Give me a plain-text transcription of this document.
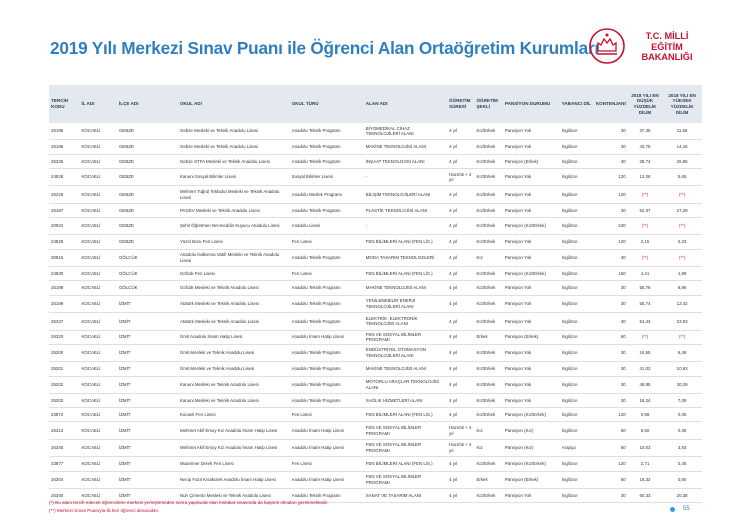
2019 Yılı Merkezi Sınav Puanı ile Öğrenci Alan Ortaöğretim Kurumları
T.C. MİLLİ EĞİTİM
BAKANLIĞI
TERCİH KODU	İL ADI	İLÇE ADI	OKUL ADI	OKUL TÜRÜ	ALAN ADI	ÖĞRETİM SÜRESİ	ÖĞRETİM ŞEKLİ	PANSİYON DURUMU	YABANCI DİL	KONTENJANI	2018 YILI EN DÜŞÜK YÜZDELİK DİLİM	2018 YILI EN YÜKSEK YÜZDELİK DİLİM
25195	KOCAELİ	GEBZE	Gebze Mesleki ve Teknik Anadolu Lisesi	Anadolu Teknik Programı	BİYOMEDİKAL CİHAZ TEKNOLOJİLERİ ALANI	4 yıl	Kız/Erkek	Pansiyon Yok	İngilizce	30	37,35	11,55
25196	KOCAELİ	GEBZE	Gebze Mesleki ve Teknik Anadolu Lisesi	Anadolu Teknik Programı	MAKİNE TEKNOLOJİSİ ALANI	4 yıl	Kız/Erkek	Pansiyon Yok	İngilizce	30	43,78	14,16
25335	KOCAELİ	GEBZE	Gebze STFA Mesleki ve Teknik Anadolu Lisesi	Anadolu Teknik Programı	İNŞAAT TEKNOLOJİSİ ALANI	4 yıl	Kız/Erkek	Pansiyon (Erkek)	İngilizce	30	39,74	25,95
24828	KOCAELİ	GEBZE	Kanuni Sosyal Bilimler Lisesi	Sosyal Bilimler Lisesi	-	Hazırlık + 4 yıl	Kız/Erkek	Pansiyon Yok	İngilizce	120	12,06	5,65
25226	KOCAELİ	GEBZE	Mehmet Tuğrul Tekbulut Mesleki ve Teknik Anadolu Lisesi	Anadolu Meslek Programı	BİLİŞİM TEKNOLOJİLERİ ALANI	4 yıl	Kız/Erkek	Pansiyon Yok	İngilizce	120	(**)	(**)
25197	KOCAELİ	GEBZE	PAGEV Mesleki ve Teknik Anadolu Lisesi	Anadolu Teknik Programı	PLASTİK TEKNOLOJİSİ ALANI	4 yıl	Kız/Erkek	Pansiyon Yok	İngilizce	30	52,37	27,29
20922	KOCAELİ	GEBZE	Şehit Öğretmen Necmeddin Kuyucu Anadolu Lisesi	Anadolu Lisesi	-	4 yıl	Kız/Erkek	Pansiyon (Kız/Erkek)	İngilizce	240	(**)	(**)
24829	KOCAELİ	GEBZE	Yüzel Boru Fen Lisesi	Fen Lisesi	FEN BİLİMLERİ ALANI (FEN LİS.)	4 yıl	Kız/Erkek	Pansiyon Yok	İngilizce	120	2,15	0,33
30815	KOCAELİ	GÖLCÜK	Anadolu Kalkınma Vakfı Mesleki ve Teknik Anadolu Lisesi	Anadolu Teknik Programı	MODA TASARIM TEKNOLOJİLERİ	4 yıl	Kız	Pansiyon Yok	İngilizce	30	(**)	(**)
24830	KOCAELİ	GÖLCÜK	Gölcük Fen Lisesi	Fen Lisesi	FEN BİLİMLERİ ALANI (FEN LİS.)	4 yıl	Kız/Erkek	Pansiyon (Kız/Erkek)	İngilizce	150	4,41	1,89
25198	KOCAELİ	GÖLCÜK	Gölcük Mesleki ve Teknik Anadolu Lisesi	Anadolu Teknik Programı	MAKİNE TEKNOLOJİSİ ALANI	4 yıl	Kız/Erkek	Pansiyon Yok	İngilizce	30	55,78	8,86
25199	KOCAELİ	İZMİT	Atatürk Mesleki ve Teknik Anadolu Lisesi	Anadolu Teknik Programı	YENİLENEBİLİR ENERJİ TEKNOLOJİLERİ ALANI	4 yıl	Kız/Erkek	Pansiyon Yok	İngilizce	30	55,74	12,42
25337	KOCAELİ	İZMİT	Atatürk Mesleki ve Teknik Anadolu Lisesi	Anadolu Teknik Programı	ELEKTRİK- ELEKTRONİK TEKNOLOJİSİ ALANI	4 yıl	Kız/Erkek	Pansiyon Yok	İngilizce	30	54,43	23,03
26320	KOCAELİ	İZMİT	İzmit Anadolu İmam Hatip Lisesi	Anadolu İmam Hatip Lisesi	FEN VE SOSYAL BİLİMLER PROGRAMI	4 yıl	Erkek	Pansiyon (Erkek)	İngilizce	60	(**)	(**)
25200	KOCAELİ	İZMİT	İzmit Mesleki ve Teknik Anadolu Lisesi	Anadolu Teknik Programı	ENDÜSTRİYEL OTOMASYON TEKNOLOJİLERİ ALANI	4 yıl	Kız/Erkek	Pansiyon Yok	İngilizce	30	24,65	6,48
25201	KOCAELİ	İZMİT	İzmit Mesleki ve Teknik Anadolu Lisesi	Anadolu Teknik Programı	MAKİNE TEKNOLOJİSİ ALANI	4 yıl	Kız/Erkek	Pansiyon Yok	İngilizce	30	41,02	10,63
25202	KOCAELİ	İZMİT	Kanuni Mesleki ve Teknik Anadolu Lisesi	Anadolu Teknik Programı	MOTORLU ARAÇLAR TEKNOLOJİSİ ALANI	4 yıl	Kız/Erkek	Pansiyon Yok	İngilizce	30	48,85	30,29
25203	KOCAELİ	İZMİT	Kanuni Mesleki ve Teknik Anadolu Lisesi	Anadolu Teknik Programı	SAĞLIK HİZMETLERİ ALANI	4 yıl	Kız/Erkek	Pansiyon Yok	İngilizce	30	18,24	7,08
23872	KOCAELİ	İZMİT	Kocaeli Fen Lisesi	Fen Lisesi	FEN BİLİMLERİ ALANI (FEN LİS.)	4 yıl	Kız/Erkek	Pansiyon (Kız/Erkek)	İngilizce	120	0,98	0,05
26313	KOCAELİ	İZMİT	Mehmet Akif Ersoy Kız Anadolu İmam Hatip Lisesi	Anadolu İmam Hatip Lisesi	FEN VE SOSYAL BİLİMLER PROGRAMI	Hazırlık + 4 yıl	Kız	Pansiyon (Kız)	İngilizce	60	6,50	0,35
26345	KOCAELİ	İZMİT	Mehmet Akif Ersoy Kız Anadolu İmam Hatip Lisesi	Anadolu İmam Hatip Lisesi	FEN VE SOSYAL BİLİMLER PROGRAMI	Hazırlık + 4 yıl	Kız	Pansiyon (Kız)	Arapça	60	10,03	3,83
23877	KOCAELİ	İZMİT	Muammer Dereli Fen Lisesi	Fen Lisesi	FEN BİLİMLERİ ALANI (FEN LİS.)	4 yıl	Kız/Erkek	Pansiyon (Kız/Erkek)	İngilizce	120	2,71	0,35
26304	KOCAELİ	İZMİT	Necip Fazıl Kısakürek Anadolu İmam Hatip Lisesi	Anadolu İmam Hatip Lisesi	FEN VE SOSYAL BİLİMLER PROGRAMI	4 yıl	Erkek	Pansiyon (Erkek)	İngilizce	60	16,32	0,80
25340	KOCAELİ	İZMİT	Nuh Çimento Mesleki ve Teknik Anadolu Lisesi	Anadolu Teknik Programı	SANAT VE TASARIM ALANI	4 yıl	Kız/Erkek	Pansiyon Yok	İngilizce	30	60,33	20,38
(*) Bu alanı tercih edecek öğrencilerin merkezi yerleştirmeden sonra yapılacak olan mülakat sınavında da başarılı olmaları gerekmektedir.
(**) Merkezi Sınav Puanıyla ilk kez öğrenci alınacaktır.	55
